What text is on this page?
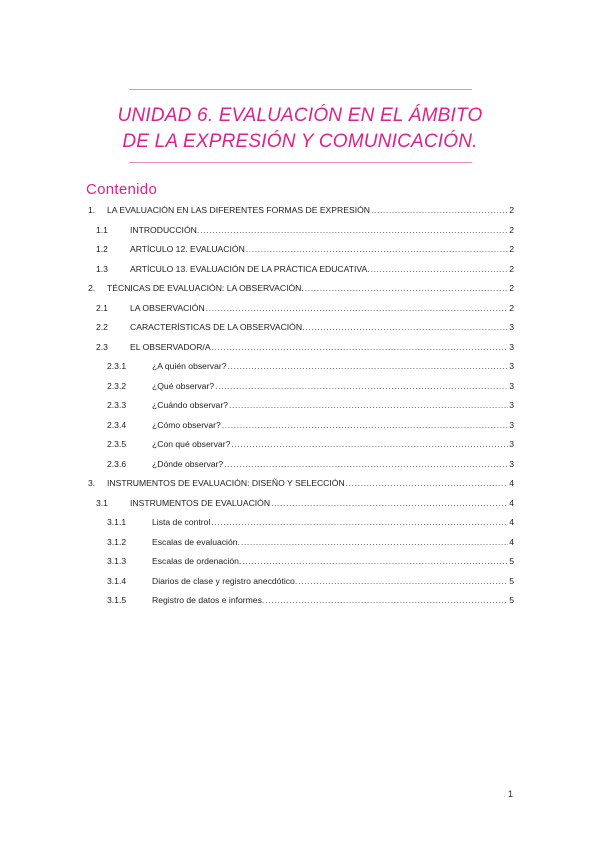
UNIDAD 6. EVALUACIÓN EN EL ÁMBITO
DE LA EXPRESIÓN Y COMUNICACIÓN.
Contenido
1.	LA EVALUACIÓN EN LAS DIFERENTES FORMAS DE EXPRESIÓN .....	2
1.1	INTRODUCCIÓN. .....	2
1.2	ARTÍCULO 12. EVALUACIÓN .....	2
1.3	ARTÍCULO 13. EVALUACIÓN DE LA PRÁCTICA EDUCATIVA. .....	2
2.	TÉCNICAS DE EVALUACIÓN: LA OBSERVACIÓN. .....	2
2.1	LA OBSERVACIÓN .....	2
2.2	CARACTERÍSTICAS DE LA OBSERVACIÓN. .....	3
2.3	EL OBSERVADOR/A .....	3
2.3.1	¿A quién observar? .....	3
2.3.2	¿Qué observar? .....	3
2.3.3	¿Cuándo observar? .....	3
2.3.4	¿Cómo observar? .....	3
2.3.5	¿Con qué observar? .....	3
2.3.6	¿Dónde observar? .....	3
3.	INSTRUMENTOS DE EVALUACIÓN: DISEÑO Y SELECCIÓN .....	4
3.1	INSTRUMENTOS DE EVALUACIÓN .....	4
3.1.1	Lista de control .....	4
3.1.2	Escalas de evaluación. .....	4
3.1.3	Escalas de ordenación. .....	5
3.1.4	Diarios de clase y registro anecdótico. .....	5
3.1.5	Registro de datos e informes. .....	5
1
